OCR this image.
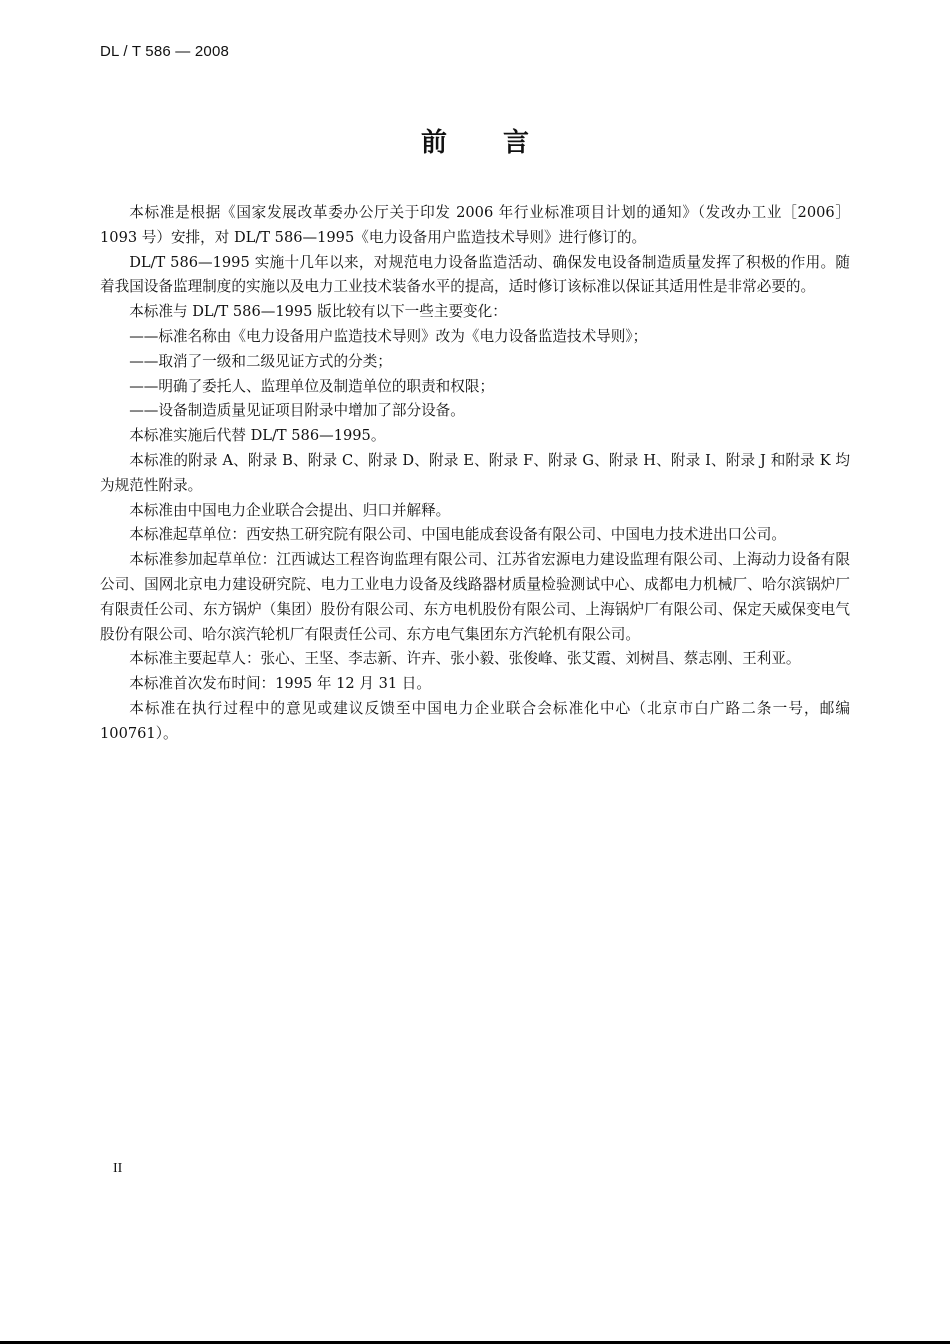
DL / T 586 — 2008
前言

本标准是根据《国家发展改革委办公厅关于印发 2006 年行业标准项目计划的通知》（发改办工业［2006］1093 号）安排，对 DL/T 586—1995《电力设备用户监造技术导则》进行修订的。

DL/T 586—1995 实施十几年以来，对规范电力设备监造活动、确保发电设备制造质量发挥了积极的作用。随着我国设备监理制度的实施以及电力工业技术装备水平的提高，适时修订该标准以保证其适用性是非常必要的。

本标准与 DL/T 586—1995 版比较有以下一些主要变化：

——标准名称由《电力设备用户监造技术导则》改为《电力设备监造技术导则》；

——取消了一级和二级见证方式的分类；

——明确了委托人、监理单位及制造单位的职责和权限；

——设备制造质量见证项目附录中增加了部分设备。

本标准实施后代替 DL/T 586—1995。

本标准的附录 A、附录 B、附录 C、附录 D、附录 E、附录 F、附录 G、附录 H、附录 I、附录 J 和附录 K 均为规范性附录。

本标准由中国电力企业联合会提出、归口并解释。

本标准起草单位：西安热工研究院有限公司、中国电能成套设备有限公司、中国电力技术进出口公司。

本标准参加起草单位：江西诚达工程咨询监理有限公司、江苏省宏源电力建设监理有限公司、上海动力设备有限公司、国网北京电力建设研究院、电力工业电力设备及线路器材质量检验测试中心、成都电力机械厂、哈尔滨锅炉厂有限责任公司、东方锅炉（集团）股份有限公司、东方电机股份有限公司、上海锅炉厂有限公司、保定天威保变电气股份有限公司、哈尔滨汽轮机厂有限责任公司、东方电气集团东方汽轮机有限公司。

本标准主要起草人：张心、王坚、李志新、许卉、张小毅、张俊峰、张艾霞、刘树昌、蔡志刚、王利亚。

本标准首次发布时间：1995 年 12 月 31 日。

本标准在执行过程中的意见或建议反馈至中国电力企业联合会标准化中心（北京市白广路二条一号，邮编 100761）。

II
